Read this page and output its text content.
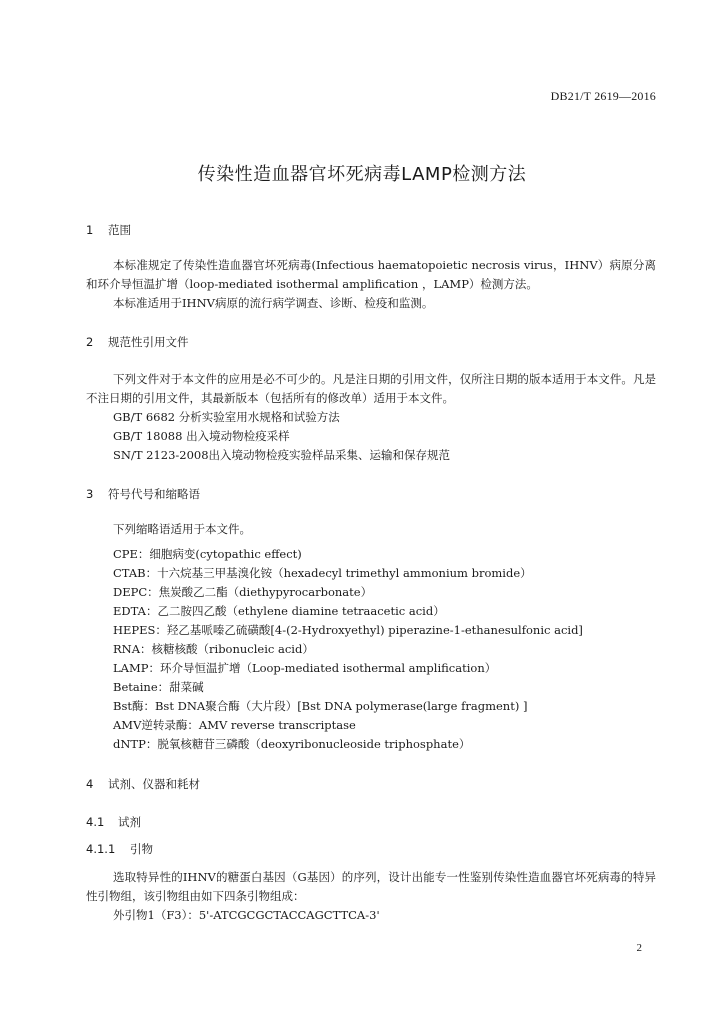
DB21/T 2619—2016
传染性造血器官坏死病毒LAMP检测方法
1 范围
本标准规定了传染性造血器官坏死病毒(Infectious haematopoietic necrosis virus，IHNV）病原分离和环介导恒温扩增（loop-mediated isothermal amplification ，LAMP）检测方法。
本标准适用于IHNV病原的流行病学调查、诊断、检疫和监测。
2 规范性引用文件
下列文件对于本文件的应用是必不可少的。凡是注日期的引用文件，仅所注日期的版本适用于本文件。凡是不注日期的引用文件，其最新版本（包括所有的修改单）适用于本文件。
GB/T 6682 分析实验室用水规格和试验方法
GB/T 18088 出入境动物检疫采样
SN/T 2123-2008出入境动物检疫实验样品采集、运输和保存规范
3 符号代号和缩略语
下列缩略语适用于本文件。
CPE：细胞病变(cytopathic effect)
CTAB：十六烷基三甲基溴化铵（hexadecyl trimethyl ammonium bromide）
DEPC：焦炭酸乙二酯（diethypyrocarbonate）
EDTA：乙二胺四乙酸（ethylene diamine tetraacetic acid）
HEPES：羟乙基哌嗪乙硫磺酸[4-(2-Hydroxyethyl) piperazine-1-ethanesulfonic acid]
RNA：核糖核酸（ribonucleic acid）
LAMP：环介导恒温扩增（Loop-mediated isothermal amplification）
Betaine：甜菜碱
Bst酶：Bst DNA聚合酶（大片段）[Bst DNA polymerase(large fragment) ]
AMV逆转录酶：AMV reverse transcriptase
dNTP：脱氧核糖苷三磷酸（deoxyribonucleoside triphosphate）
4 试剂、仪器和耗材
4.1 试剂
4.1.1 引物
选取特异性的IHNV的糖蛋白基因（G基因）的序列，设计出能专一性鉴别传染性造血器官坏死病毒的特异性引物组，该引物组由如下四条引物组成：
外引物1（F3）：5'-ATCGCGCTACCAGCTTCA-3'
2
